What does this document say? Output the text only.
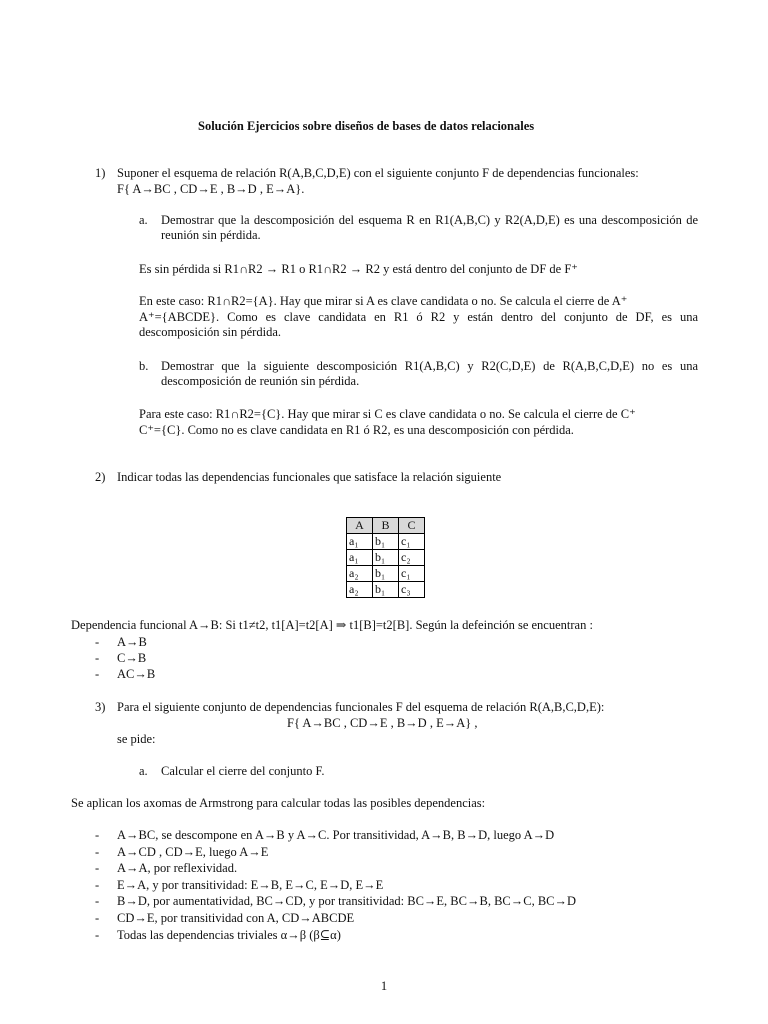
Solución Ejercicios sobre diseños de bases de datos relacionales
1) Suponer el esquema de relación R(A,B,C,D,E) con el siguiente conjunto F de dependencias funcionales:
F{ A→BC , CD→E , B→D , E→A}.
a. Demostrar que la descomposición del esquema R en R1(A,B,C) y R2(A,D,E) es una descomposición de reunión sin pérdida.
Es sin pérdida si R1∩R2 → R1 o R1∩R2 → R2 y está dentro del conjunto de DF de F⁺
En este caso: R1∩R2={A}. Hay que mirar si A es clave candidata o no. Se calcula el cierre de A⁺
A⁺={ABCDE}. Como es clave candidata en R1 ó R2 y están dentro del conjunto de DF, es una descomposición sin pérdida.
b. Demostrar que la siguiente descomposición R1(A,B,C) y R2(C,D,E) de R(A,B,C,D,E) no es una descomposición de reunión sin pérdida.
Para este caso: R1∩R2={C}. Hay que mirar si C es clave candidata o no. Se calcula el cierre de C⁺
C⁺={C}. Como no es clave candidata en R1 ó R2, es una descomposición con pérdida.
2) Indicar todas las dependencias funcionales que satisface la relación siguiente
A	B	C
a₁	b₁	c₁
a₁	b₁	c₂
a₂	b₁	c₁
a₂	b₁	c₃
Dependencia funcional A→B: Si t1≠t2, t1[A]=t2[A] ⇒ t1[B]=t2[B]. Según la defeinción se encuentran :
- A→B
- C→B
- AC→B
3) Para el siguiente conjunto de dependencias funcionales F del esquema de relación R(A,B,C,D,E):
F{ A→BC , CD→E , B→D , E→A} ,
se pide:
a. Calcular el cierre del conjunto F.
Se aplican los axomas de Armstrong para calcular todas las posibles dependencias:
- A→BC, se descompone en A→B y A→C. Por transitividad, A→B, B→D, luego A→D
- A→CD , CD→E, luego A→E
- A→A, por reflexividad.
- E→A, y por transitividad: E→B, E→C, E→D, E→E
- B→D, por aumentatividad, BC→CD, y por transitividad: BC→E, BC→B, BC→C, BC→D
- CD→E, por transitividad con A, CD→ABCDE
- Todas las dependencias triviales α→β (β⊆α)
1
